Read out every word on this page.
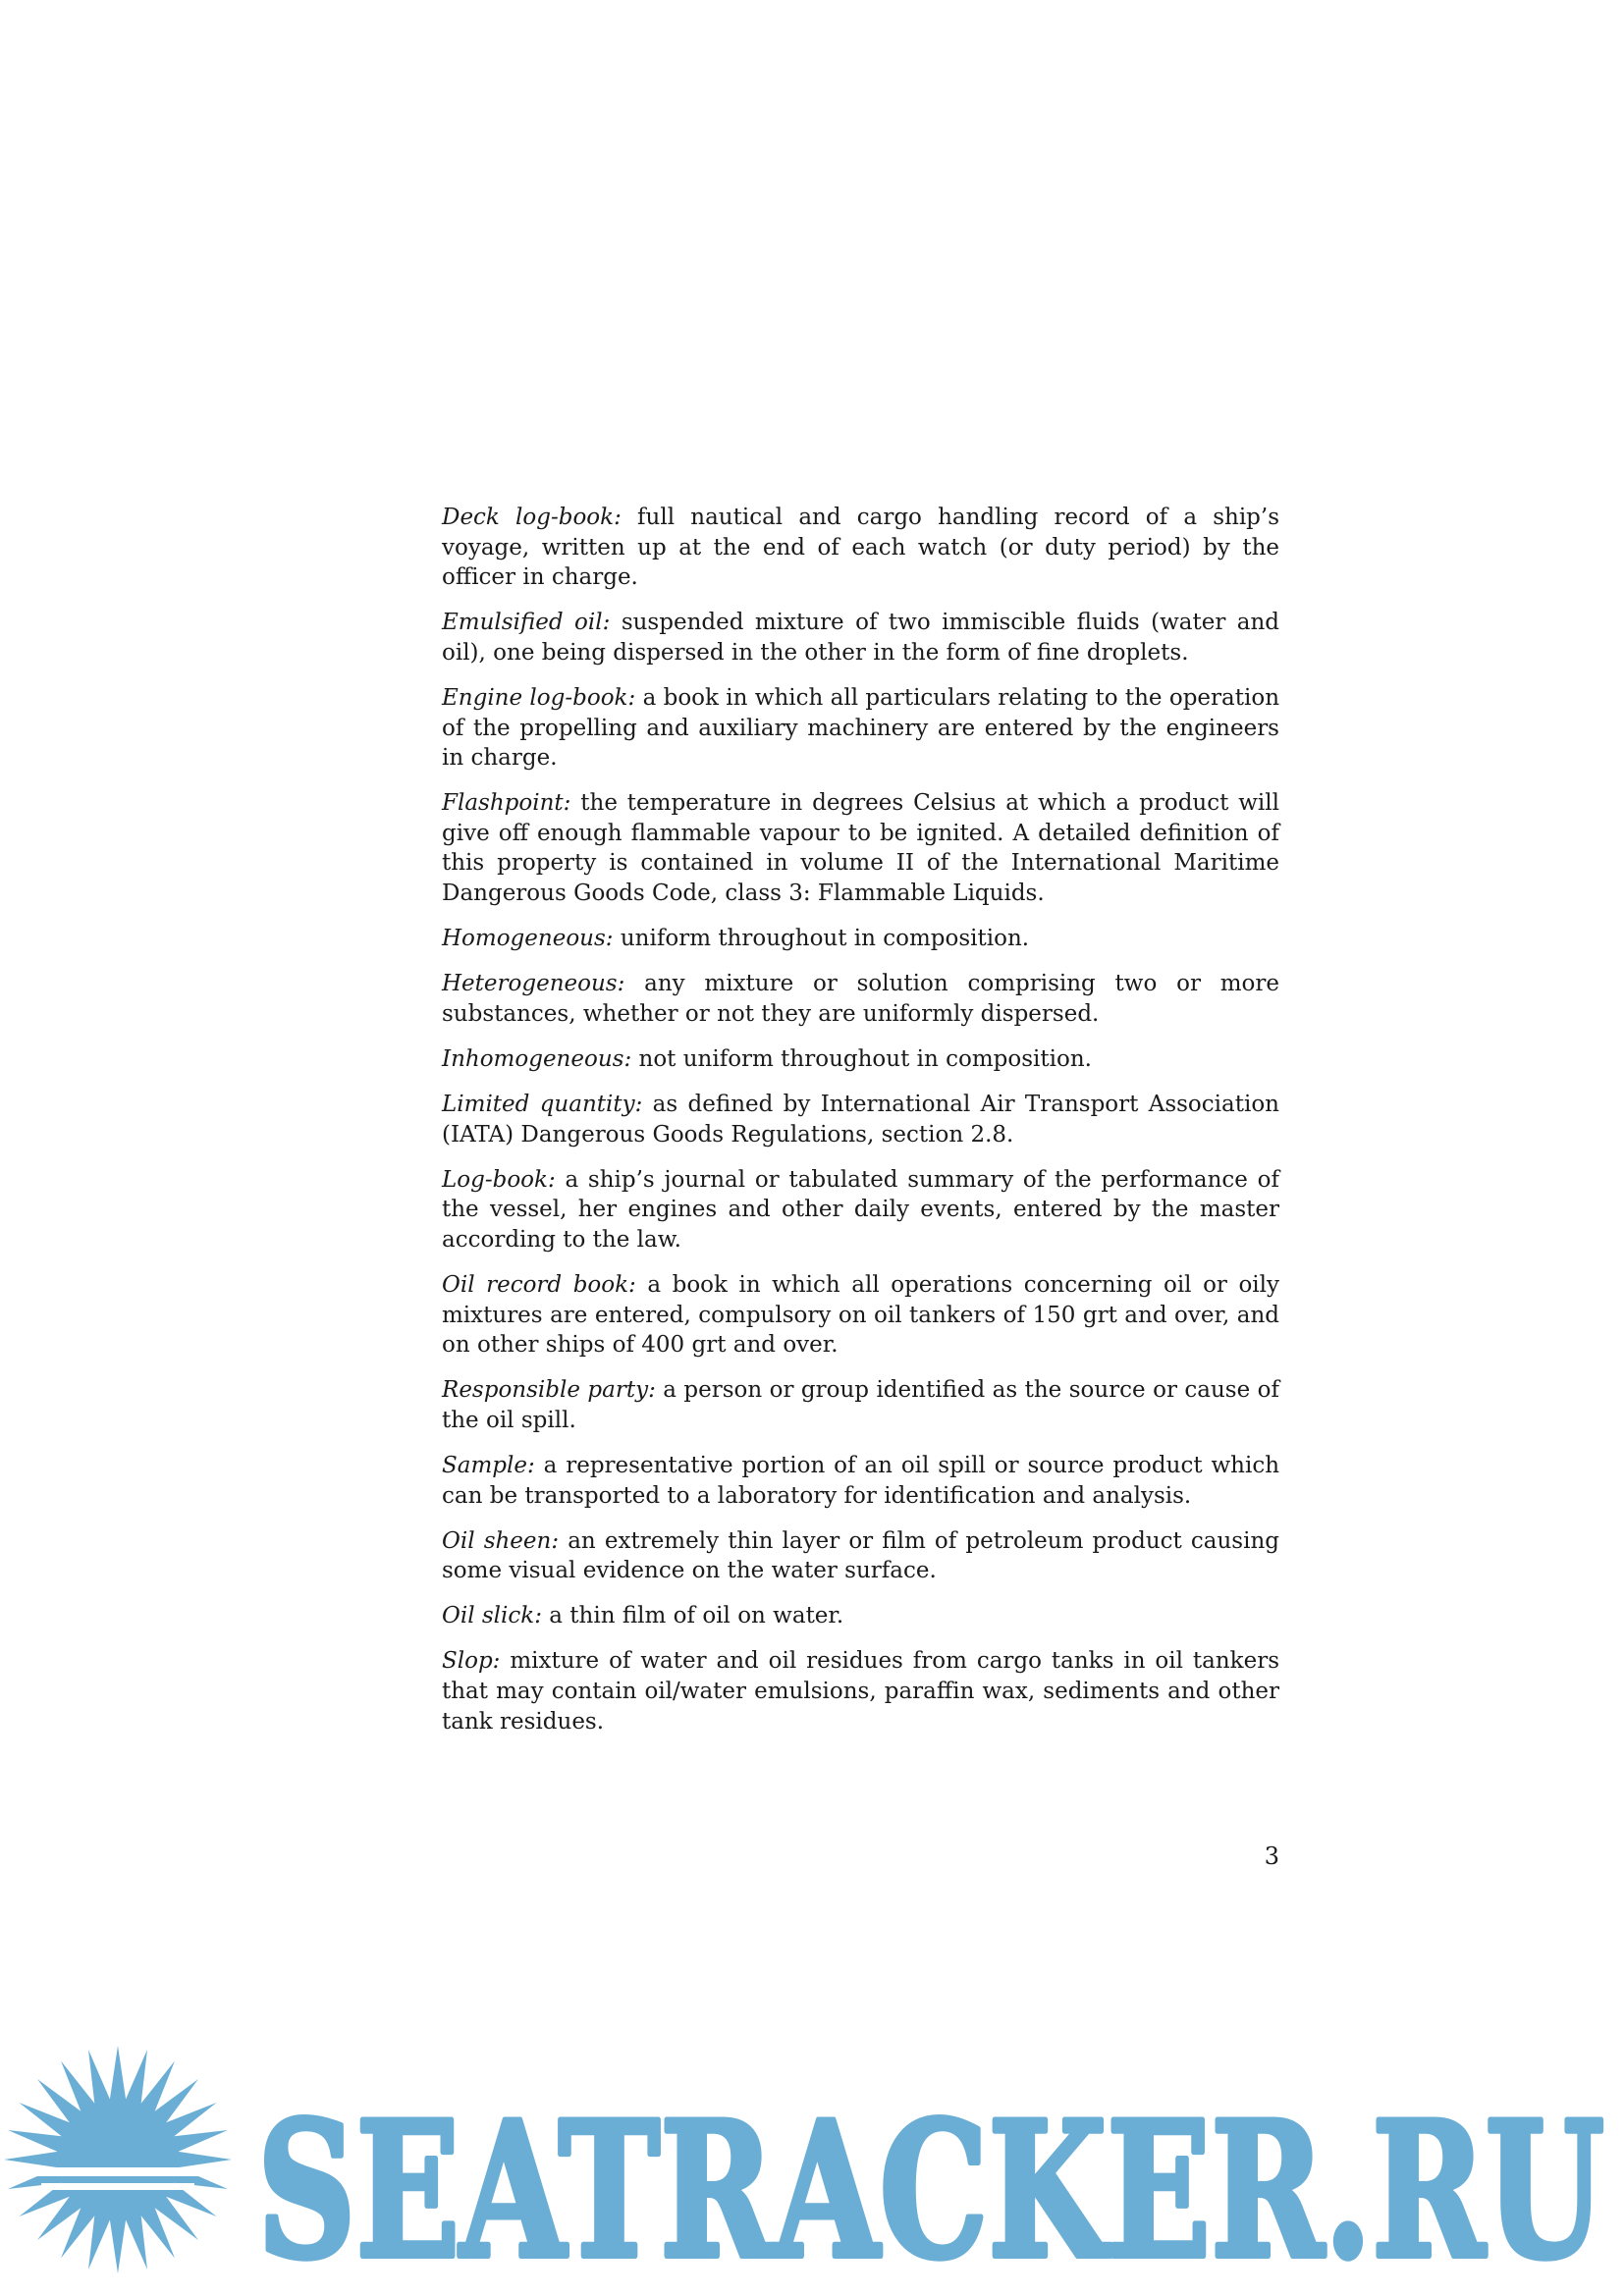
Deck log-book: full nautical and cargo handling record of a ship’s voyage, written up at the end of each watch (or duty period) by the officer in charge.

Emulsified oil: suspended mixture of two immiscible fluids (water and oil), one being dispersed in the other in the form of fine droplets.

Engine log-book: a book in which all particulars relating to the operation of the propelling and auxiliary machinery are entered by the engineers in charge.

Flashpoint: the temperature in degrees Celsius at which a product will give off enough flammable vapour to be ignited. A detailed definition of this property is contained in volume II of the International Maritime Dangerous Goods Code, class 3: Flammable Liquids.

Homogeneous: uniform throughout in composition.

Heterogeneous: any mixture or solution comprising two or more substances, whether or not they are uniformly dispersed.

Inhomogeneous: not uniform throughout in composition.

Limited quantity: as defined by International Air Transport Association (IATA) Dangerous Goods Regulations, section 2.8.

Log-book: a ship’s journal or tabulated summary of the performance of the vessel, her engines and other daily events, entered by the master according to the law.

Oil record book: a book in which all operations concerning oil or oily mixtures are entered, compulsory on oil tankers of 150 grt and over, and on other ships of 400 grt and over.

Responsible party: a person or group identified as the source or cause of the oil spill.

Sample: a representative portion of an oil spill or source product which can be transported to a laboratory for identification and analysis.

Oil sheen: an extremely thin layer or film of petroleum product causing some visual evidence on the water surface.

Oil slick: a thin film of oil on water.

Slop: mixture of water and oil residues from cargo tanks in oil tankers that may contain oil/water emulsions, paraffin wax, sediments and other tank residues.

3
SEATRACKER.RU
